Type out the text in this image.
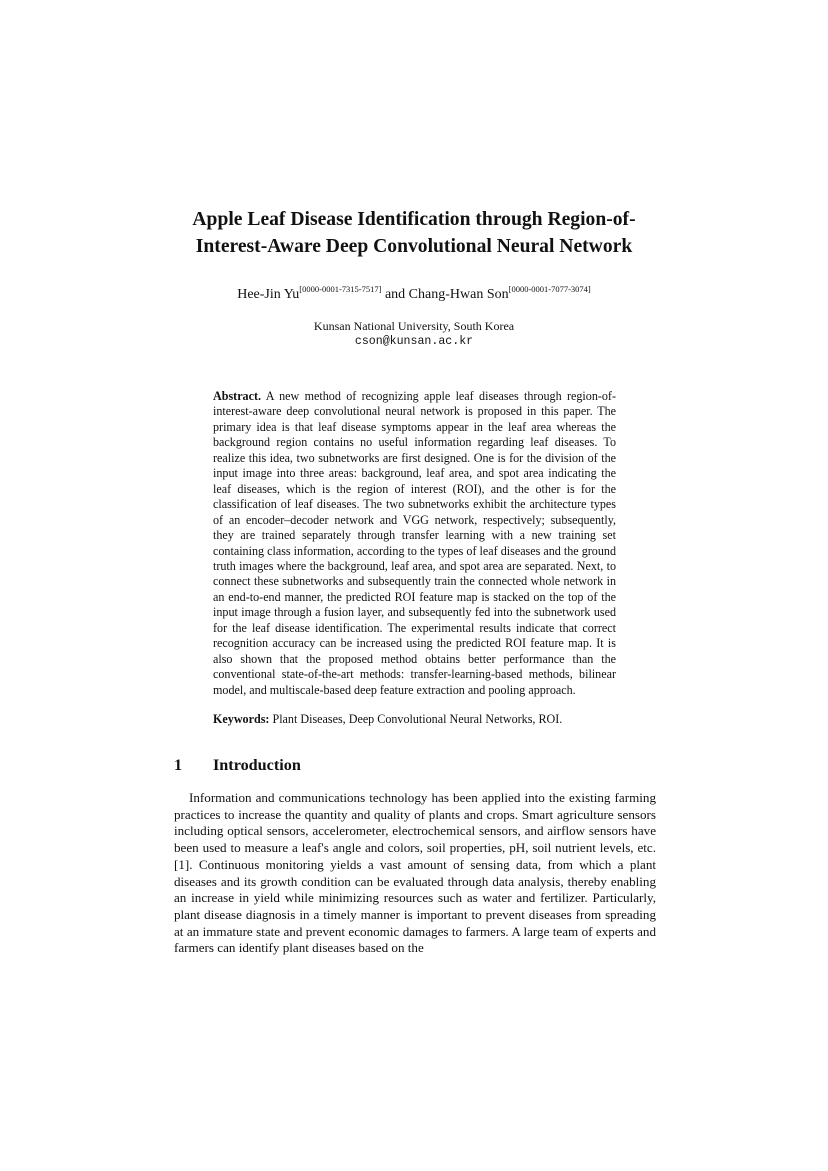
Apple Leaf Disease Identification through Region-of-
Interest-Aware Deep Convolutional Neural Network
Hee-Jin Yu[0000-0001-7315-7517] and Chang-Hwan Son[0000-0001-7077-3074]
Kunsan National University, South Korea
cson@kunsan.ac.kr

Abstract. A new method of recognizing apple leaf diseases through region-of-interest-aware deep convolutional neural network is proposed in this paper. The primary idea is that leaf disease symptoms appear in the leaf area whereas the background region contains no useful information regarding leaf diseases. To realize this idea, two subnetworks are first designed. One is for the division of the input image into three areas: background, leaf area, and spot area indicating the leaf diseases, which is the region of interest (ROI), and the other is for the classification of leaf diseases. The two subnetworks exhibit the architecture types of an encoder–decoder network and VGG network, respectively; subsequently, they are trained separately through transfer learning with a new training set containing class information, according to the types of leaf diseases and the ground truth images where the background, leaf area, and spot area are separated. Next, to connect these subnetworks and subsequently train the connected whole network in an end-to-end manner, the predicted ROI feature map is stacked on the top of the input image through a fusion layer, and subsequently fed into the subnetwork used for the leaf disease identification. The experimental results indicate that correct recognition accuracy can be increased using the predicted ROI feature map. It is also shown that the proposed method obtains better performance than the conventional state-of-the-art methods: transfer-learning-based methods, bilinear model, and multiscale-based deep feature extraction and pooling approach.

Keywords: Plant Diseases, Deep Convolutional Neural Networks, ROI.

1 Introduction

Information and communications technology has been applied into the existing farming practices to increase the quantity and quality of plants and crops. Smart agriculture sensors including optical sensors, accelerometer, electrochemical sensors, and airflow sensors have been used to measure a leaf's angle and colors, soil properties, pH, soil nutrient levels, etc. [1]. Continuous monitoring yields a vast amount of sensing data, from which a plant diseases and its growth condition can be evaluated through data analysis, thereby enabling an increase in yield while minimizing resources such as water and fertilizer. Particularly, plant disease diagnosis in a timely manner is important to prevent diseases from spreading at an immature state and prevent economic damages to farmers. A large team of experts and farmers can identify plant diseases based on the
